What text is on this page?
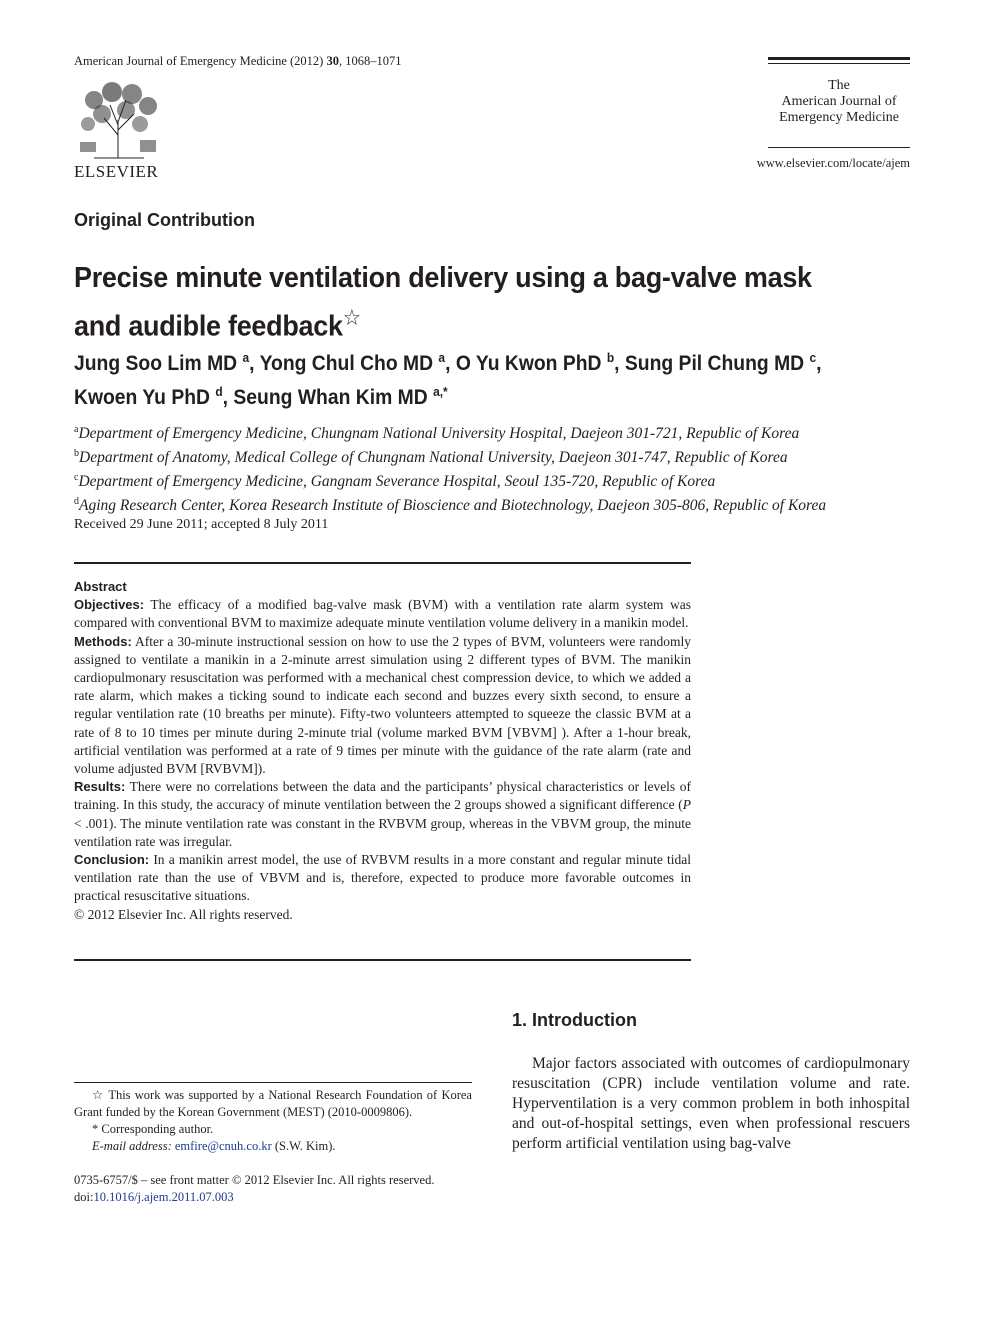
American Journal of Emergency Medicine (2012) 30, 1068–1071
ELSEVIER
The
American Journal of
Emergency Medicine
www.elsevier.com/locate/ajem
Original Contribution
Precise minute ventilation delivery using a bag-valve mask and audible feedback☆
Jung Soo Lim MD $^a$, Yong Chul Cho MD $^a$, O Yu Kwon PhD $^b$, Sung Pil Chung MD $^c$,
Kwoen Yu PhD $^d$, Seung Whan Kim MD $^{a,*}$
$^a$Department of Emergency Medicine, Chungnam National University Hospital, Daejeon 301-721, Republic of Korea
$^b$Department of Anatomy, Medical College of Chungnam National University, Daejeon 301-747, Republic of Korea
$^c$Department of Emergency Medicine, Gangnam Severance Hospital, Seoul 135-720, Republic of Korea
$^d$Aging Research Center, Korea Research Institute of Bioscience and Biotechnology, Daejeon 305-806, Republic of Korea
Received 29 June 2011; accepted 8 July 2011

Abstract

Objectives: The efficacy of a modified bag-valve mask (BVM) with a ventilation rate alarm system was compared with conventional BVM to maximize adequate minute ventilation volume delivery in a manikin model.

Methods: After a 30-minute instructional session on how to use the 2 types of BVM, volunteers were randomly assigned to ventilate a manikin in a 2-minute arrest simulation using 2 different types of BVM. The manikin cardiopulmonary resuscitation was performed with a mechanical chest compression device, to which we added a rate alarm, which makes a ticking sound to indicate each second and buzzes every sixth second, to ensure a regular ventilation rate (10 breaths per minute). Fifty-two volunteers attempted to squeeze the classic BVM at a rate of 8 to 10 times per minute during 2-minute trial (volume marked BVM [VBVM] ). After a 1-hour break, artificial ventilation was performed at a rate of 9 times per minute with the guidance of the rate alarm (rate and volume adjusted BVM [RVBVM]).

Results: There were no correlations between the data and the participants’ physical characteristics or levels of training. In this study, the accuracy of minute ventilation between the 2 groups showed a significant difference (P < .001). The minute ventilation rate was constant in the RVBVM group, whereas in the VBVM group, the minute ventilation rate was irregular.

Conclusion: In a manikin arrest model, the use of RVBVM results in a more constant and regular minute tidal ventilation rate than the use of VBVM and is, therefore, expected to produce more favorable outcomes in practical resuscitative situations.

© 2012 Elsevier Inc. All rights reserved.

1. Introduction
Major factors associated with outcomes of cardiopulmonary resuscitation (CPR) include ventilation volume and rate. Hyperventilation is a very common problem in both inhospital and out-of-hospital settings, even when professional rescuers perform artificial ventilation using bag-valve

☆ This work was supported by a National Research Foundation of Korea Grant funded by the Korean Government (MEST) (2010-0009806).

* Corresponding author.

E-mail address: emfire@cnuh.co.kr (S.W. Kim).

0735-6757/$ – see front matter © 2012 Elsevier Inc. All rights reserved.

doi:10.1016/j.ajem.2011.07.003
